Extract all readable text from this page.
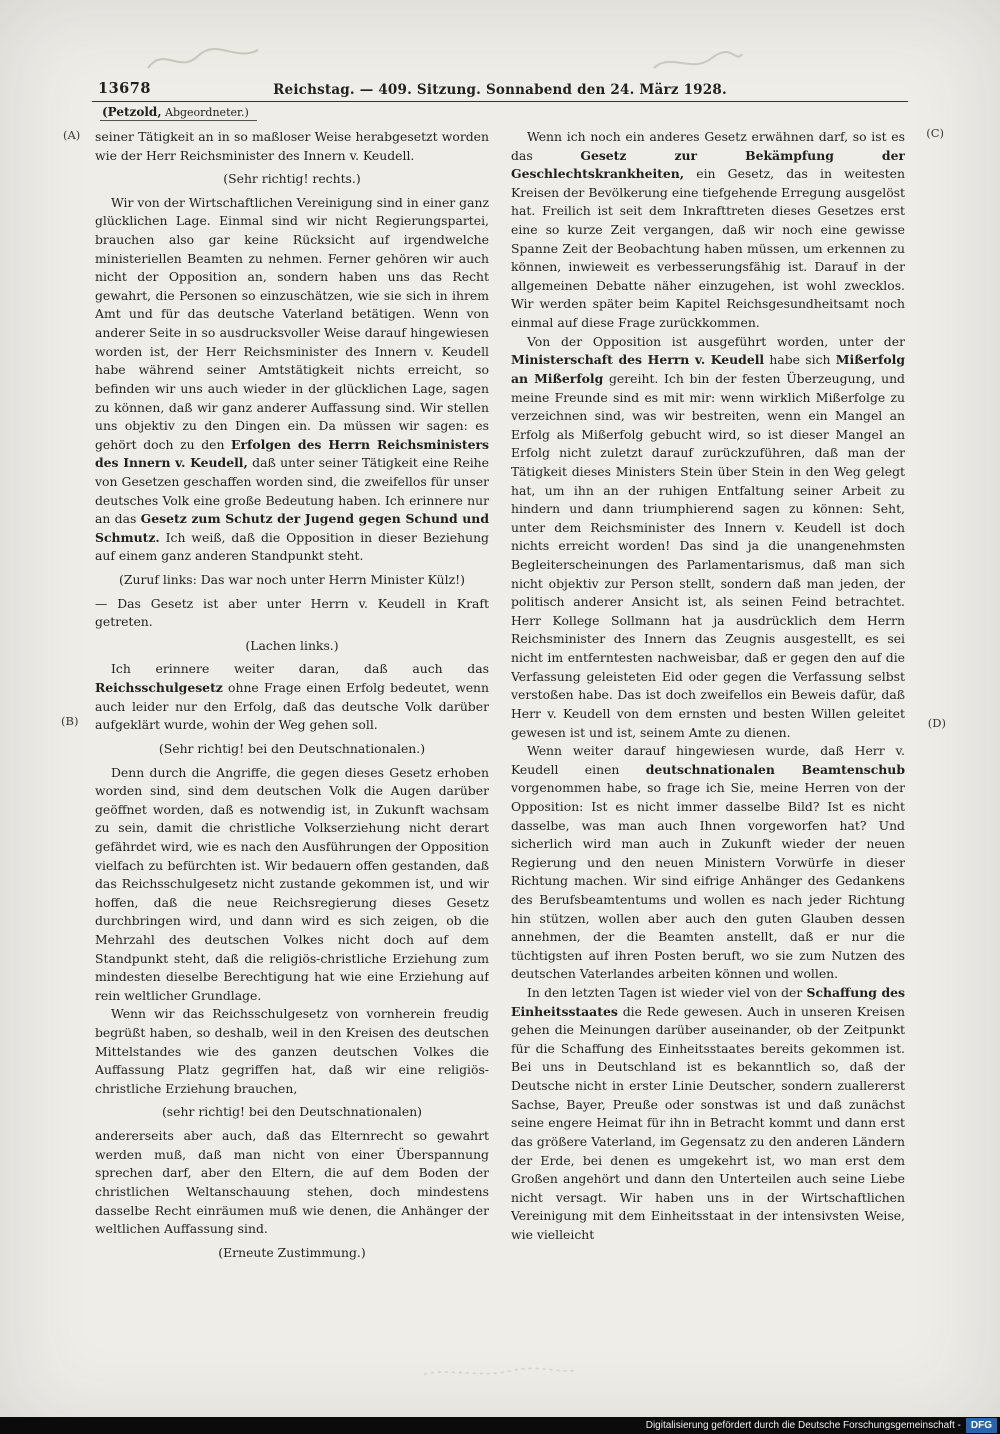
13678	Reichstag. — 409. Sitzung. Sonnabend den 24. März 1928.
(Petzold, Abgeordneter.)
(A)
(B)
(C)
(D)

seiner Tätigkeit an in so maßloser Weise herabgesetzt worden wie der Herr Reichsminister des Innern v. Keudell.

(Sehr richtig! rechts.)

Wir von der Wirtschaftlichen Vereinigung sind in einer ganz glücklichen Lage. Einmal sind wir nicht Regierungspartei, brauchen also gar keine Rücksicht auf irgendwelche ministeriellen Beamten zu nehmen. Ferner gehören wir auch nicht der Opposition an, sondern haben uns das Recht gewahrt, die Personen so einzuschätzen, wie sie sich in ihrem Amt und für das deutsche Vaterland betätigen. Wenn von anderer Seite in so ausdrucksvoller Weise darauf hingewiesen worden ist, der Herr Reichsminister des Innern v. Keudell habe während seiner Amtstätigkeit nichts erreicht, so befinden wir uns auch wieder in der glücklichen Lage, sagen zu können, daß wir ganz anderer Auffassung sind. Wir stellen uns objektiv zu den Dingen ein. Da müssen wir sagen: es gehört doch zu den Erfolgen des Herrn Reichsministers des Innern v. Keudell, daß unter seiner Tätigkeit eine Reihe von Gesetzen geschaffen worden sind, die zweifellos für unser deutsches Volk eine große Bedeutung haben. Ich erinnere nur an das Gesetz zum Schutz der Jugend gegen Schund und Schmutz. Ich weiß, daß die Opposition in dieser Beziehung auf einem ganz anderen Standpunkt steht.

(Zuruf links: Das war noch unter Herrn Minister Külz!)

— Das Gesetz ist aber unter Herrn v. Keudell in Kraft getreten.

(Lachen links.)

Ich erinnere weiter daran, daß auch das Reichsschulgesetz ohne Frage einen Erfolg bedeutet, wenn auch leider nur den Erfolg, daß das deutsche Volk darüber aufgeklärt wurde, wohin der Weg gehen soll.

(Sehr richtig! bei den Deutschnationalen.)

Denn durch die Angriffe, die gegen dieses Gesetz erhoben worden sind, sind dem deutschen Volk die Augen darüber geöffnet worden, daß es notwendig ist, in Zukunft wachsam zu sein, damit die christliche Volkserziehung nicht derart gefährdet wird, wie es nach den Ausführungen der Opposition vielfach zu befürchten ist. Wir bedauern offen gestanden, daß das Reichsschulgesetz nicht zustande gekommen ist, und wir hoffen, daß die neue Reichsregierung dieses Gesetz durchbringen wird, und dann wird es sich zeigen, ob die Mehrzahl des deutschen Volkes nicht doch auf dem Standpunkt steht, daß die religiös-christliche Erziehung zum mindesten dieselbe Berechtigung hat wie eine Erziehung auf rein weltlicher Grundlage.

Wenn wir das Reichsschulgesetz von vornherein freudig begrüßt haben, so deshalb, weil in den Kreisen des deutschen Mittelstandes wie des ganzen deutschen Volkes die Auffassung Platz gegriffen hat, daß wir eine religiös-christliche Erziehung brauchen,

(sehr richtig! bei den Deutschnationalen)

andererseits aber auch, daß das Elternrecht so gewahrt werden muß, daß man nicht von einer Überspannung sprechen darf, aber den Eltern, die auf dem Boden der christlichen Weltanschauung stehen, doch mindestens dasselbe Recht einräumen muß wie denen, die Anhänger der weltlichen Auffassung sind.

(Erneute Zustimmung.)

Wenn ich noch ein anderes Gesetz erwähnen darf, so ist es das Gesetz zur Bekämpfung der Geschlechtskrankheiten, ein Gesetz, das in weitesten Kreisen der Bevölkerung eine tiefgehende Erregung ausgelöst hat. Freilich ist seit dem Inkrafttreten dieses Gesetzes erst eine so kurze Zeit vergangen, daß wir noch eine gewisse Spanne Zeit der Beobachtung haben müssen, um erkennen zu können, inwieweit es verbesserungsfähig ist. Darauf in der allgemeinen Debatte näher einzugehen, ist wohl zwecklos. Wir werden später beim Kapitel Reichsgesundheitsamt noch einmal auf diese Frage zurückkommen.

Von der Opposition ist ausgeführt worden, unter der Ministerschaft des Herrn v. Keudell habe sich Mißerfolg an Mißerfolg gereiht. Ich bin der festen Überzeugung, und meine Freunde sind es mit mir: wenn wirklich Mißerfolge zu verzeichnen sind, was wir bestreiten, wenn ein Mangel an Erfolg als Mißerfolg gebucht wird, so ist dieser Mangel an Erfolg nicht zuletzt darauf zurückzuführen, daß man der Tätigkeit dieses Ministers Stein über Stein in den Weg gelegt hat, um ihn an der ruhigen Entfaltung seiner Arbeit zu hindern und dann triumphierend sagen zu können: Seht, unter dem Reichsminister des Innern v. Keudell ist doch nichts erreicht worden! Das sind ja die unangenehmsten Begleiterscheinungen des Parlamentarismus, daß man sich nicht objektiv zur Person stellt, sondern daß man jeden, der politisch anderer Ansicht ist, als seinen Feind betrachtet. Herr Kollege Sollmann hat ja ausdrücklich dem Herrn Reichsminister des Innern das Zeugnis ausgestellt, es sei nicht im entferntesten nachweisbar, daß er gegen den auf die Verfassung geleisteten Eid oder gegen die Verfassung selbst verstoßen habe. Das ist doch zweifellos ein Beweis dafür, daß Herr v. Keudell von dem ernsten und besten Willen geleitet gewesen ist und ist, seinem Amte zu dienen.

Wenn weiter darauf hingewiesen wurde, daß Herr v. Keudell einen deutschnationalen Beamtenschub vorgenommen habe, so frage ich Sie, meine Herren von der Opposition: Ist es nicht immer dasselbe Bild? Ist es nicht dasselbe, was man auch Ihnen vorgeworfen hat? Und sicherlich wird man auch in Zukunft wieder der neuen Regierung und den neuen Ministern Vorwürfe in dieser Richtung machen. Wir sind eifrige Anhänger des Gedankens des Berufsbeamtentums und wollen es nach jeder Richtung hin stützen, wollen aber auch den guten Glauben dessen annehmen, der die Beamten anstellt, daß er nur die tüchtigsten auf ihren Posten beruft, wo sie zum Nutzen des deutschen Vaterlandes arbeiten können und wollen.

In den letzten Tagen ist wieder viel von der Schaffung des Einheitsstaates die Rede gewesen. Auch in unseren Kreisen gehen die Meinungen darüber auseinander, ob der Zeitpunkt für die Schaffung des Einheitsstaates bereits gekommen ist. Bei uns in Deutschland ist es bekanntlich so, daß der Deutsche nicht in erster Linie Deutscher, sondern zuallererst Sachse, Bayer, Preuße oder sonstwas ist und daß zunächst seine engere Heimat für ihn in Betracht kommt und dann erst das größere Vaterland, im Gegensatz zu den anderen Ländern der Erde, bei denen es umgekehrt ist, wo man erst dem Großen angehört und dann den Unterteilen auch seine Liebe nicht versagt. Wir haben uns in der Wirtschaftlichen Vereinigung mit dem Einheitsstaat in der intensivsten Weise, wie vielleicht

Digitalisierung gefördert durch die Deutsche Forschungsgemeinschaft -	DFG
